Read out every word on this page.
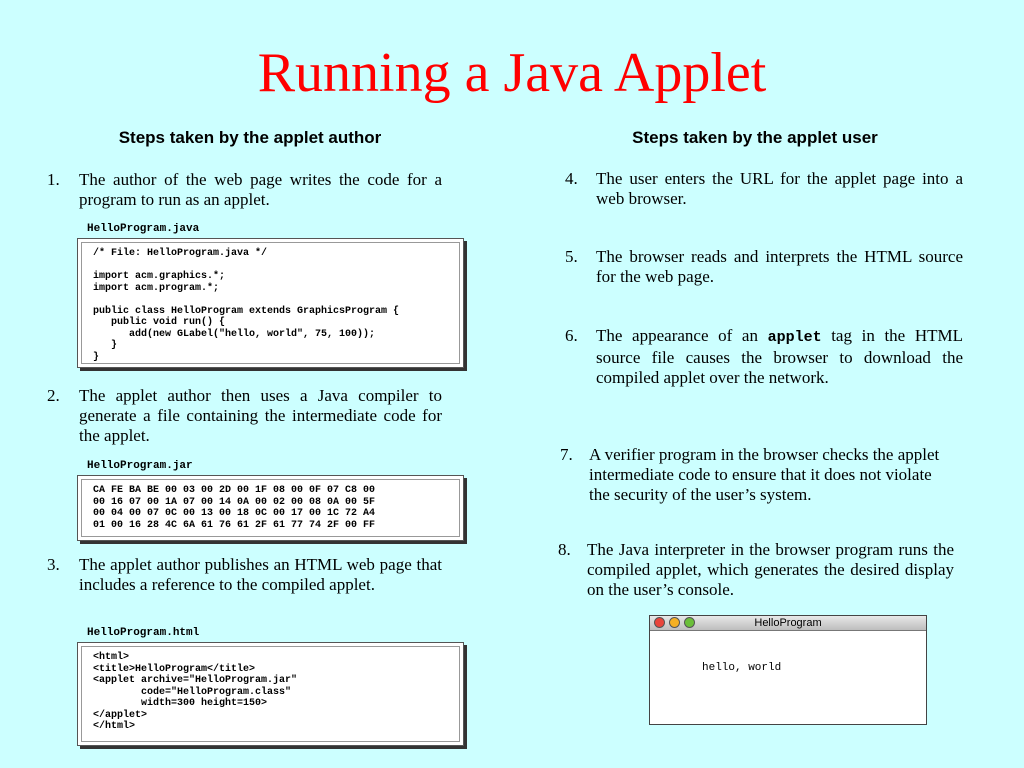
Running a Java Applet
Steps taken by the applet author	Steps taken by the applet user
1. The author of the web page writes the code for a program to run as an applet.
HelloProgram.java
/* File: HelloProgram.java */

import acm.graphics.*;
import acm.program.*;

public class HelloProgram extends GraphicsProgram {
public void run() {
add(new GLabel("hello, world", 75, 100));
}
}
2. The applet author then uses a Java compiler to generate a file containing the intermediate code for the applet.
HelloProgram.jar
CA FE BA BE 00 03 00 2D 00 1F 08 00 0F 07 C8 00
00 16 07 00 1A 07 00 14 0A 00 02 00 08 0A 00 5F
00 04 00 07 0C 00 13 00 18 0C 00 17 00 1C 72 A4
01 00 16 28 4C 6A 61 76 61 2F 61 77 74 2F 00 FF
3. The applet author publishes an HTML web page that includes a reference to the compiled applet.
HelloProgram.html
<html>
<title>HelloProgram</title>
<applet archive="HelloProgram.jar"
code="HelloProgram.class"
width=300 height=150>
</applet>
</html>
4. The user enters the URL for the applet page into a web browser.
5. The browser reads and interprets the HTML source for the web page.
6. The appearance of an applet tag in the HTML source file causes the browser to download the compiled applet over the network.
7. A verifier program in the browser checks the applet intermediate code to ensure that it does not violate the security of the user’s system.
8. The Java interpreter in the browser program runs the compiled applet, which generates the desired display on the user’s console.
HelloProgram
hello, world
